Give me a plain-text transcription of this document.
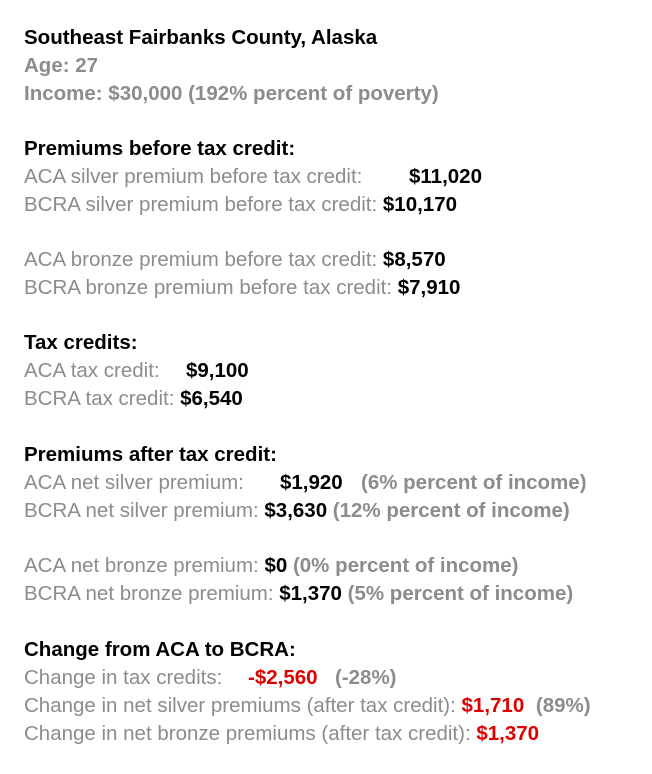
Southeast Fairbanks County, Alaska
Age: 27
Income: $30,000 (192% percent of poverty)
Premiums before tax credit:
ACA silver premium before tax credit: $11,020
BCRA silver premium before tax credit: $10,170
ACA bronze premium before tax credit: $8,570
BCRA bronze premium before tax credit: $7,910
Tax credits:
ACA tax credit: $9,100
BCRA tax credit: $6,540
Premiums after tax credit:
ACA net silver premium: $1,920 (6% percent of income)
BCRA net silver premium: $3,630 (12% percent of income)
ACA net bronze premium: $0 (0% percent of income)
BCRA net bronze premium: $1,370 (5% percent of income)
Change from ACA to BCRA:
Change in tax credits: -$2,560 (-28%)
Change in net silver premiums (after tax credit): $1,710 (89%)
Change in net bronze premiums (after tax credit): $1,370
